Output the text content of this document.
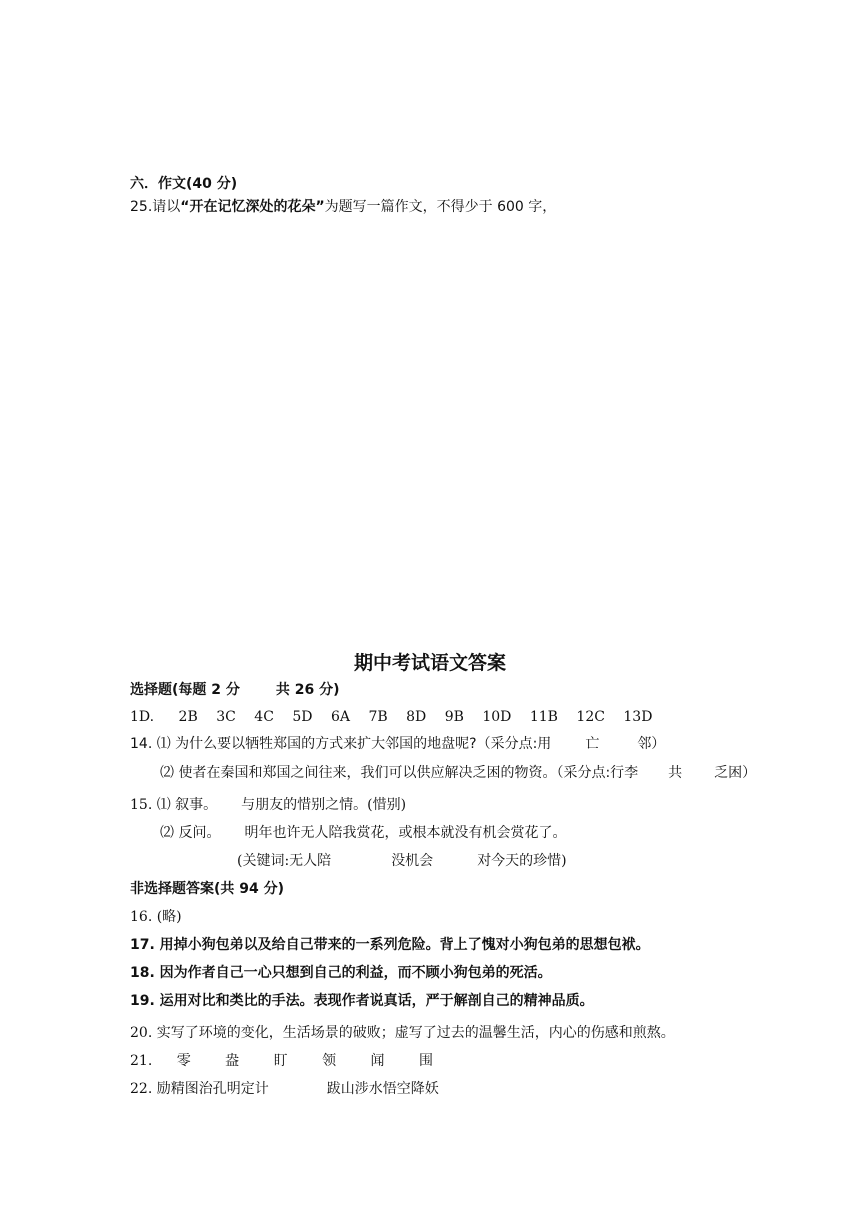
六．作文(40 分)
25.请以“开在记忆深处的花朵”为题写一篇作文，不得少于 600 字，
期中考试语文答案
选择题(每题 2 分	共 26 分)
1D. 2B 3C 4C 5D 6A 7B 8D 9B 10D 11B 12C 13D
14. ⑴ 为什么要以牺牲郑国的方式来扩大邻国的地盘呢?（采分点:用 亡	邻）
⑵ 使者在秦国和郑国之间往来，我们可以供应解决乏困的物资。（采分点:行李 共 乏困）
15. ⑴ 叙事。 与朋友的惜别之情。(惜别)
⑵ 反问。 明年也许无人陪我赏花，或根本就没有机会赏花了。
(关键词:无人陪	没机会	对今天的珍惜)
非选择题答案(共 94 分)
16. (略)
17. 用掉小狗包弟以及给自己带来的一系列危险。背上了愧对小狗包弟的思想包袱。
18. 因为作者自己一心只想到自己的利益，而不顾小狗包弟的死活。
19. 运用对比和类比的手法。表现作者说真话，严于解剖自己的精神品质。
20. 实写了环境的变化，生活场景的破败；虚写了过去的温馨生活，内心的伤感和煎熬。
21. 零 盎 盯 领 闻 围
22. 励精图治孔明定计	跋山涉水悟空降妖
